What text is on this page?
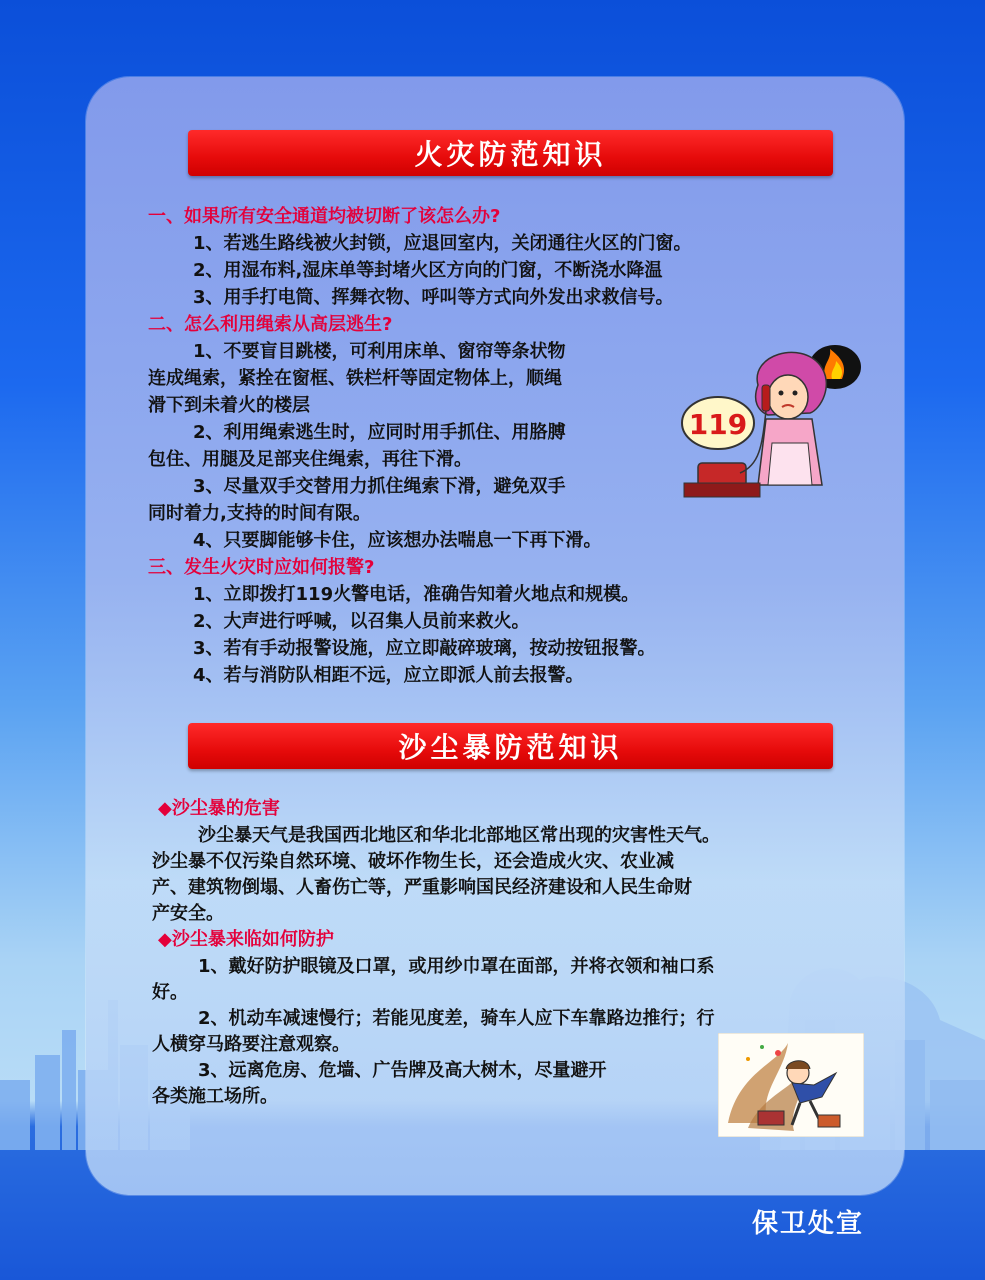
火灾防范知识

一、如果所有安全通道均被切断了该怎么办?

1、若逃生路线被火封锁，应退回室内，关闭通往火区的门窗。

2、用湿布料,湿床单等封堵火区方向的门窗，不断浇水降温

3、用手打电筒、挥舞衣物、呼叫等方式向外发出求救信号。

二、怎么利用绳索从高层逃生?

1、不要盲目跳楼，可利用床单、窗帘等条状物

连成绳索，紧拴在窗框、铁栏杆等固定物体上，顺绳

滑下到未着火的楼层

2、利用绳索逃生时，应同时用手抓住、用胳膊

包住、用腿及足部夹住绳索，再往下滑。

3、尽量双手交替用力抓住绳索下滑，避免双手

同时着力,支持的时间有限。

4、只要脚能够卡住，应该想办法喘息一下再下滑。

三、发生火灾时应如何报警?

1、立即拨打119火警电话，准确告知着火地点和规模。

2、大声进行呼喊，以召集人员前来救火。

3、若有手动报警设施，应立即敲碎玻璃，按动按钮报警。

4、若与消防队相距不远，应立即派人前去报警。

119
沙尘暴防范知识

◆沙尘暴的危害

沙尘暴天气是我国西北地区和华北北部地区常出现的灾害性天气。

沙尘暴不仅污染自然环境、破坏作物生长，还会造成火灾、农业减

产、建筑物倒塌、人畜伤亡等，严重影响国民经济建设和人民生命财

产安全。

◆沙尘暴来临如何防护

1、戴好防护眼镜及口罩，或用纱巾罩在面部，并将衣领和袖口系

好。

2、机动车减速慢行；若能见度差，骑车人应下车靠路边推行；行

人横穿马路要注意观察。

3、远离危房、危墙、广告牌及高大树木，尽量避开

各类施工场所。

保卫处宣
